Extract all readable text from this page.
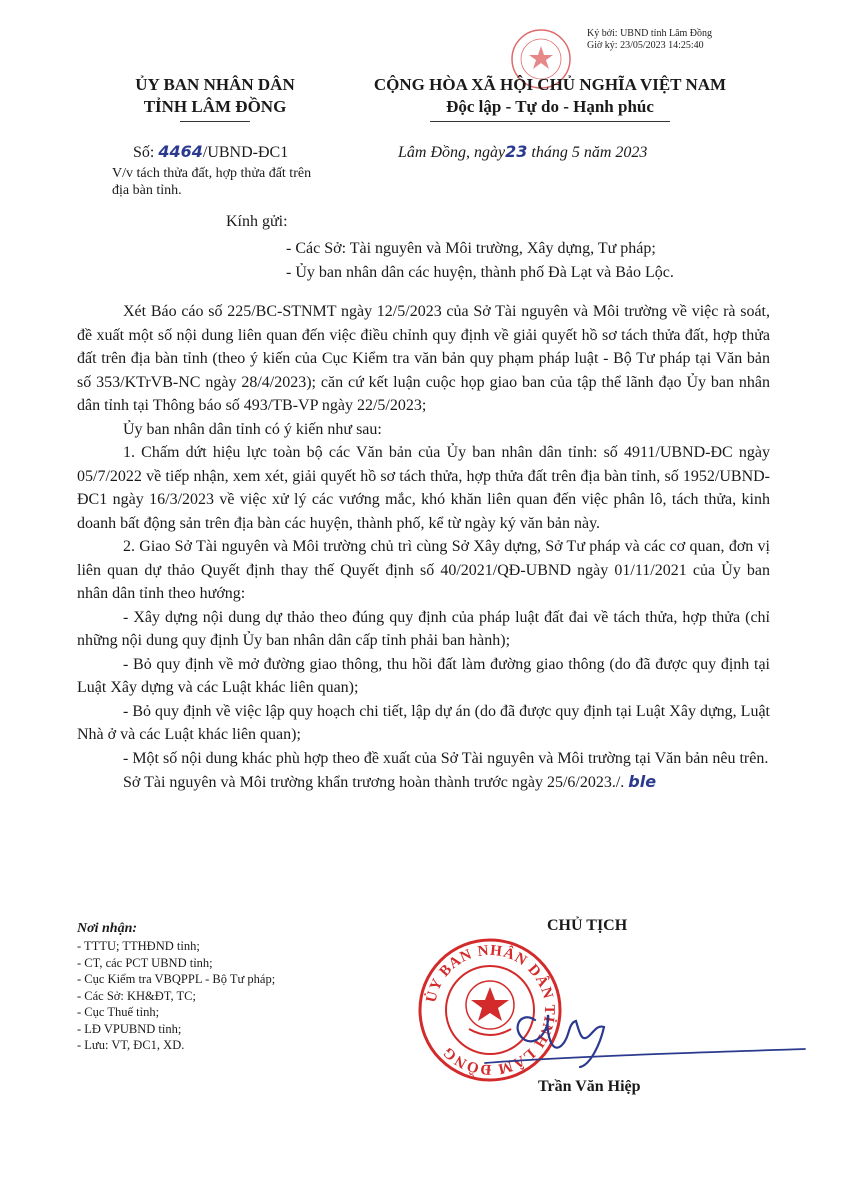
Ký bởi: UBND tỉnh Lâm Đồng
Giờ ký: 23/05/2023 14:25:40
ỦY BAN NHÂN DÂN
TỈNH LÂM ĐỒNG
CỘNG HÒA XÃ HỘI CHỦ NGHĨA VIỆT NAM
Độc lập - Tự do - Hạnh phúc
Số: 4464/UBND-ĐC1
V/v tách thửa đất, hợp thửa đất trên địa bàn tỉnh.
Lâm Đồng, ngày23 tháng 5 năm 2023
Kính gửi:
- Các Sở: Tài nguyên và Môi trường, Xây dựng, Tư pháp;
- Ủy ban nhân dân các huyện, thành phố Đà Lạt và Bảo Lộc.

Xét Báo cáo số 225/BC-STNMT ngày 12/5/2023 của Sở Tài nguyên và Môi trường về việc rà soát, đề xuất một số nội dung liên quan đến việc điều chỉnh quy định về giải quyết hồ sơ tách thửa đất, hợp thửa đất trên địa bàn tỉnh (theo ý kiến của Cục Kiểm tra văn bản quy phạm pháp luật - Bộ Tư pháp tại Văn bản số 353/KTrVB-NC ngày 28/4/2023); căn cứ kết luận cuộc họp giao ban của tập thể lãnh đạo Ủy ban nhân dân tỉnh tại Thông báo số 493/TB-VP ngày 22/5/2023;

Ủy ban nhân dân tỉnh có ý kiến như sau:

1. Chấm dứt hiệu lực toàn bộ các Văn bản của Ủy ban nhân dân tỉnh: số 4911/UBND-ĐC ngày 05/7/2022 về tiếp nhận, xem xét, giải quyết hồ sơ tách thửa, hợp thửa đất trên địa bàn tỉnh, số 1952/UBND-ĐC1 ngày 16/3/2023 về việc xử lý các vướng mắc, khó khăn liên quan đến việc phân lô, tách thửa, kinh doanh bất động sản trên địa bàn các huyện, thành phố, kể từ ngày ký văn bản này.

2. Giao Sở Tài nguyên và Môi trường chủ trì cùng Sở Xây dựng, Sở Tư pháp và các cơ quan, đơn vị liên quan dự thảo Quyết định thay thế Quyết định số 40/2021/QĐ-UBND ngày 01/11/2021 của Ủy ban nhân dân tỉnh theo hướng:

- Xây dựng nội dung dự thảo theo đúng quy định của pháp luật đất đai về tách thửa, hợp thửa (chỉ những nội dung quy định Ủy ban nhân dân cấp tỉnh phải ban hành);

- Bỏ quy định về mở đường giao thông, thu hồi đất làm đường giao thông (do đã được quy định tại Luật Xây dựng và các Luật khác liên quan);

- Bỏ quy định về việc lập quy hoạch chi tiết, lập dự án (do đã được quy định tại Luật Xây dựng, Luật Nhà ở và các Luật khác liên quan);

- Một số nội dung khác phù hợp theo đề xuất của Sở Tài nguyên và Môi trường tại Văn bản nêu trên.

Sở Tài nguyên và Môi trường khẩn trương hoàn thành trước ngày 25/6/2023./. ble

Nơi nhận:
- TTTU; TTHĐND tỉnh;
- CT, các PCT UBND tỉnh;
- Cục Kiểm tra VBQPPL - Bộ Tư pháp;
- Các Sở: KH&ĐT, TC;
- Cục Thuế tỉnh;
- LĐ VPUBND tỉnh;
- Lưu: VT, ĐC1, XD.
CHỦ TỊCH
ỦY BAN NHÂN DÂN TỈNH LÂM ĐỒNG
Trần Văn Hiệp
